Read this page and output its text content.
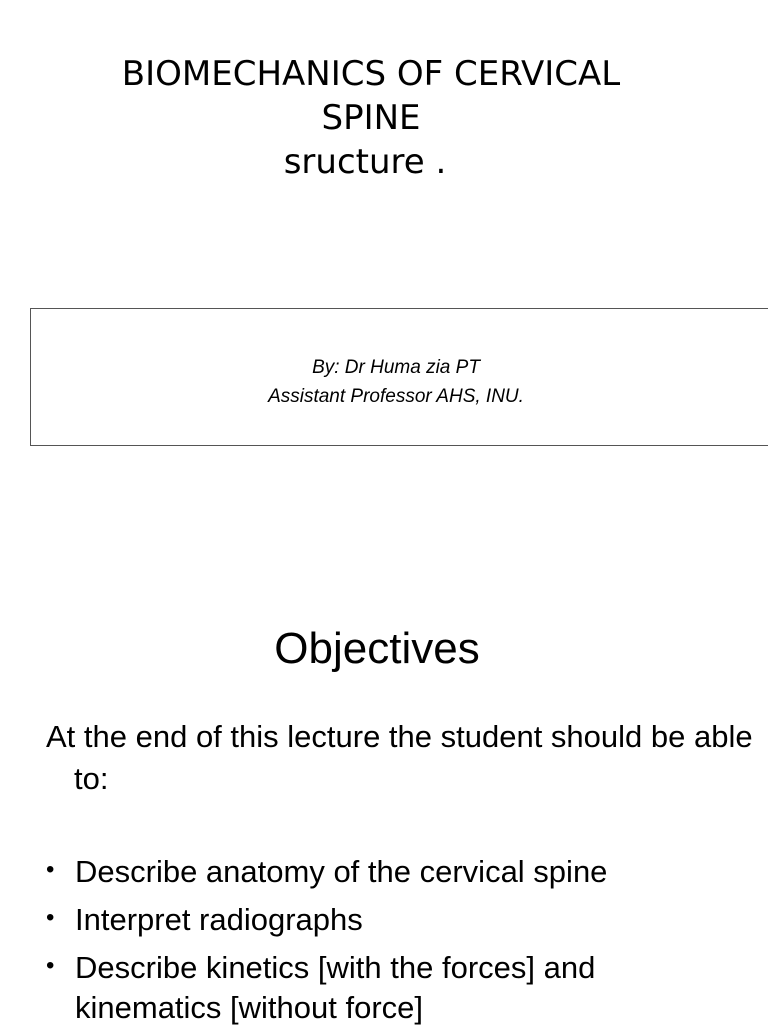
BIOMECHANICS OF CERVICAL
SPINE
sructure .
By: Dr Huma zia PT
Assistant Professor AHS, INU.
Objectives

At the end of this lecture the student should be able to:

• Describe anatomy of the cervical spine
• Interpret radiographs
• Describe kinetics [with the forces] and kinematics [without force]
